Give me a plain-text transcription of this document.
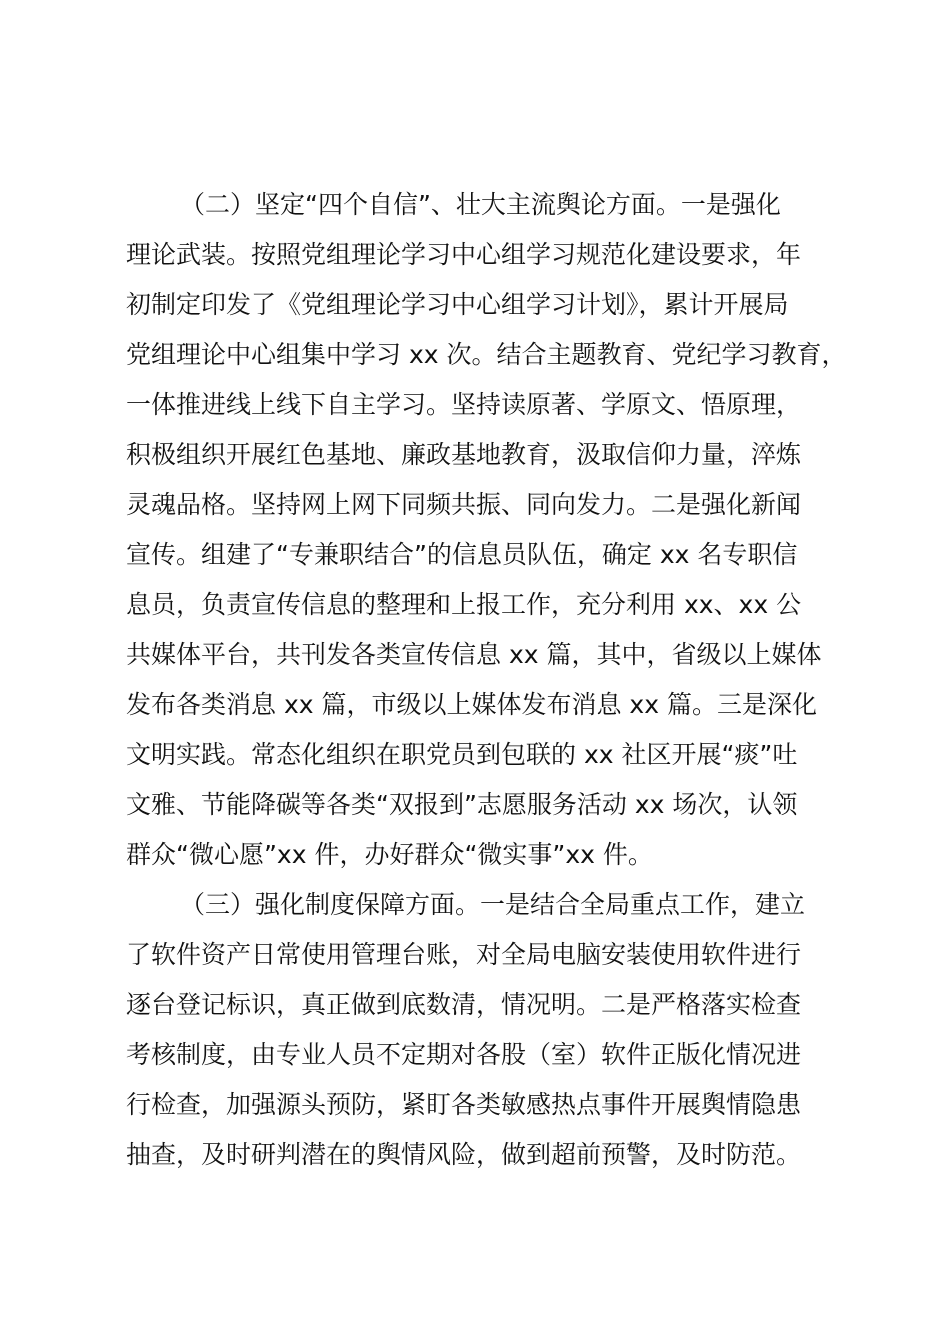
（二）坚定“四个自信”、壮大主流舆论方面。一是强化
理论武装。按照党组理论学习中心组学习规范化建设要求，年
初制定印发了《党组理论学习中心组学习计划》，累计开展局
党组理论中心组集中学习 xx 次。结合主题教育、党纪学习教育，
一体推进线上线下自主学习。坚持读原著、学原文、悟原理，
积极组织开展红色基地、廉政基地教育，汲取信仰力量，淬炼
灵魂品格。坚持网上网下同频共振、同向发力。二是强化新闻
宣传。组建了“专兼职结合”的信息员队伍，确定 xx 名专职信
息员，负责宣传信息的整理和上报工作，充分利用 xx、xx 公
共媒体平台，共刊发各类宣传信息 xx 篇，其中，省级以上媒体
发布各类消息 xx 篇，市级以上媒体发布消息 xx 篇。三是深化
文明实践。常态化组织在职党员到包联的 xx 社区开展“痰”吐
文雅、节能降碳等各类“双报到”志愿服务活动 xx 场次，认领
群众“微心愿”xx 件，办好群众“微实事”xx 件。
（三）强化制度保障方面。一是结合全局重点工作，建立
了软件资产日常使用管理台账，对全局电脑安装使用软件进行
逐台登记标识，真正做到底数清，情况明。二是严格落实检查
考核制度，由专业人员不定期对各股（室）软件正版化情况进
行检查，加强源头预防，紧盯各类敏感热点事件开展舆情隐患
抽查，及时研判潜在的舆情风险，做到超前预警，及时防范。
